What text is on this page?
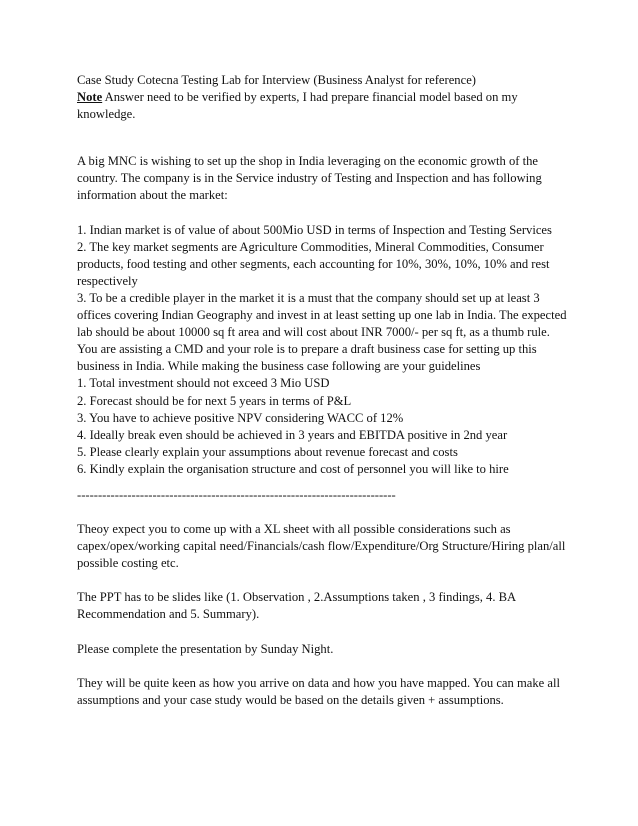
Case Study Cotecna Testing Lab for Interview (Business Analyst for reference)

Note Answer need to be verified by experts, I had prepare financial model based on my

knowledge.

A big MNC is wishing to set up the shop in India leveraging on the economic growth of the

country. The company is in the Service industry of Testing and Inspection and has following

information about the market:

1. Indian market is of value of about 500Mio USD in terms of Inspection and Testing Services

2. The key market segments are Agriculture Commodities, Mineral Commodities, Consumer

products, food testing and other segments, each accounting for 10%, 30%, 10%, 10% and rest

respectively

3. To be a credible player in the market it is a must that the company should set up at least 3

offices covering Indian Geography and invest in at least setting up one lab in India. The expected

lab should be about 10000 sq ft area and will cost about INR 7000/- per sq ft, as a thumb rule.

You are assisting a CMD and your role is to prepare a draft business case for setting up this

business in India. While making the business case following are your guidelines

1. Total investment should not exceed 3 Mio USD

2. Forecast should be for next 5 years in terms of P&L

3. You have to achieve positive NPV considering WACC of 12%

4. Ideally break even should be achieved in 3 years and EBITDA positive in 2nd year

5. Please clearly explain your assumptions about revenue forecast and costs

6. Kindly explain the organisation structure and cost of personnel you will like to hire

----------------------------------------------------------------------------

Theoy expect you to come up with a XL sheet with all possible considerations such as

capex/opex/working capital need/Financials/cash flow/Expenditure/Org Structure/Hiring plan/all

possible costing etc.

The PPT has to be slides like (1. Observation , 2.Assumptions taken , 3 findings, 4. BA

Recommendation and 5. Summary).

Please complete the presentation by Sunday Night.

They will be quite keen as how you arrive on data and how you have mapped. You can make all

assumptions and your case study would be based on the details given + assumptions.
